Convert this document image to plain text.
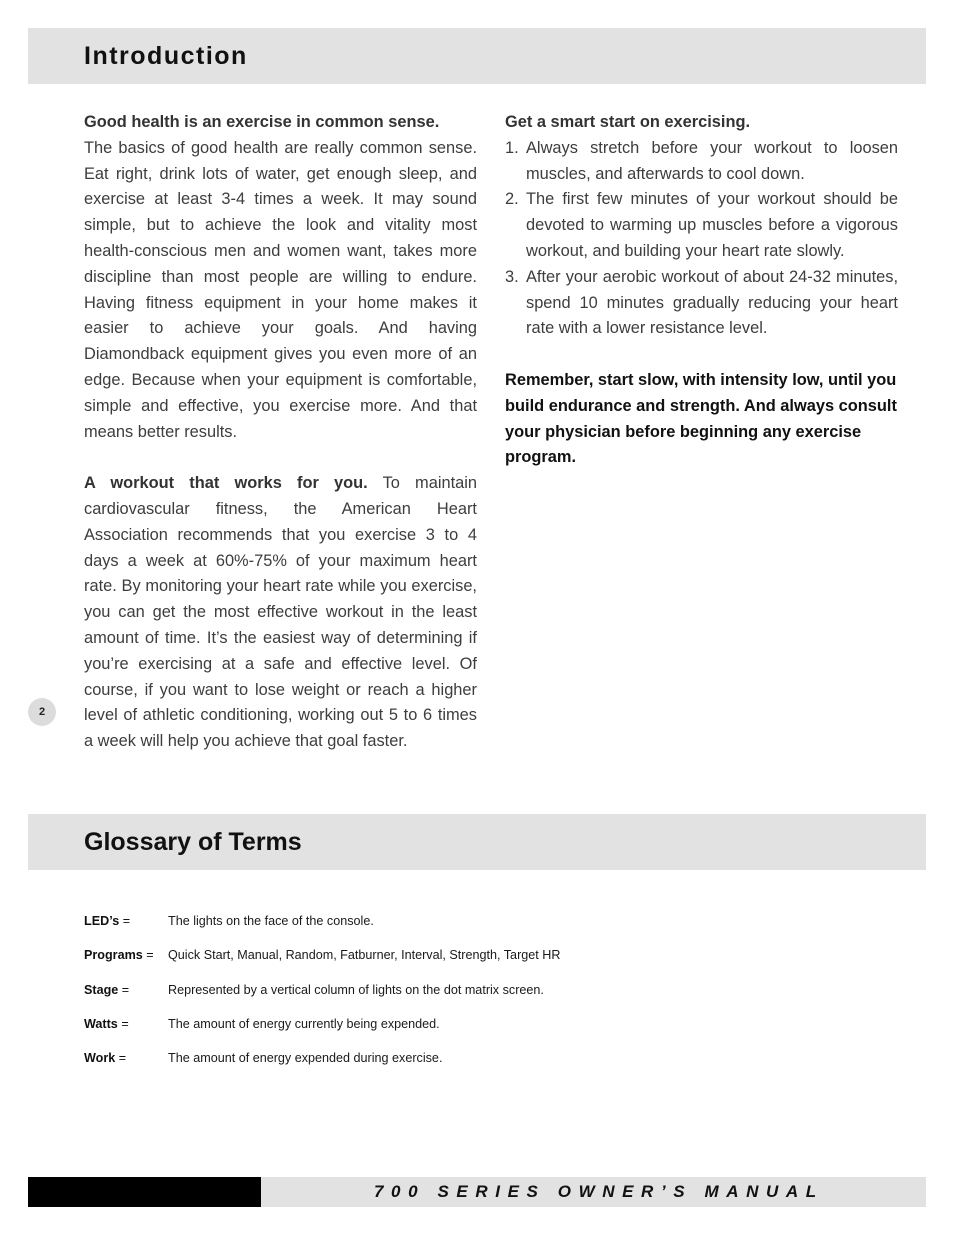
Introduction

Good health is an exercise in common sense.
The basics of good health are really common sense. Eat right, drink lots of water, get enough sleep, and exercise at least 3-4 times a week. It may sound simple, but to achieve the look and vitality most health-conscious men and women want, takes more discipline than most people are willing to endure. Having fitness equipment in your home makes it easier to achieve your goals. And having Diamondback equipment gives you even more of an edge. Because when your equipment is comfortable, simple and effective, you exercise more. And that means better results.

A workout that works for you. To maintain cardiovascular fitness, the American Heart Association recommends that you exercise 3 to 4 days a week at 60%-75% of your maximum heart rate. By monitoring your heart rate while you exercise, you can get the most effective workout in the least amount of time. It’s the easiest way of determining if you’re exercising at a safe and effective level. Of course, if you want to lose weight or reach a higher level of athletic conditioning, working out 5 to 6 times a week will help you achieve that goal faster.

Get a smart start on exercising.

1. Always stretch before your workout to loosen muscles, and afterwards to cool down.
2. The first few minutes of your workout should be devoted to warming up muscles before a vigorous workout, and building your heart rate slowly.
3. After your aerobic workout of about 24-32 minutes, spend 10 minutes gradually reducing your heart rate with a lower resistance level.

Remember, start slow, with intensity low, until you build endurance and strength. And always consult your physician before beginning any exercise program.

2
Glossary of Terms
LED’s =	The lights on the face of the console.
Programs = Quick Start, Manual, Random, Fatburner, Interval, Strength, Target HR
Stage =	Represented by a vertical column of lights on the dot matrix screen.
Watts =	The amount of energy currently being expended.
Work =	The amount of energy expended during exercise.
700 SERIES OWNER’S MANUAL
